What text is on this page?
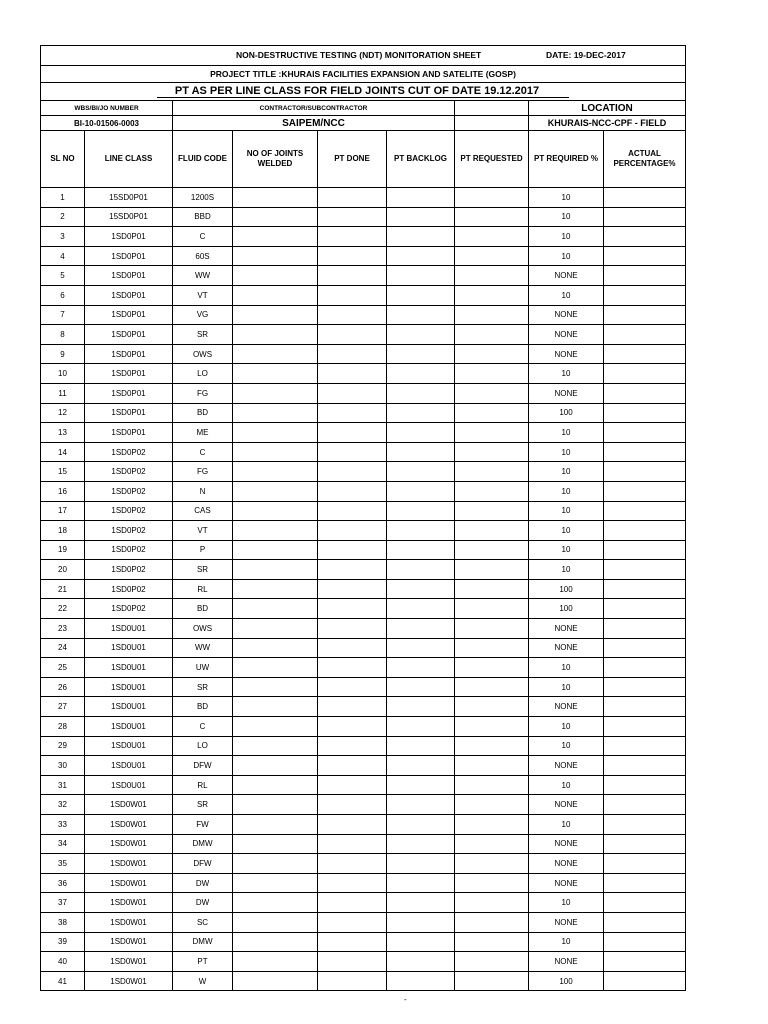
NON-DESTRUCTIVE TESTING (NDT) MONITORATION SHEET DATE: 19-DEC-2017								

PROJECT TITLE :KHURAIS FACILITIES EXPANSION AND SATELITE (GOSP)								
PT AS PER LINE CLASS FOR FIELD JOINTS CUT OF DATE 19.12.2017								
WBS/BI/JO NUMBER		CONTRACTOR/SUBCONTRACTOR					LOCATION	
BI-10-01506-0003		SAIPEM/NCC					KHURAIS-NCC-CPF - FIELD	
SL NO	LINE CLASS	FLUID CODE	NO OF JOINTS WELDED	PT DONE	PT BACKLOG	PT REQUESTED	PT REQUIRED %	ACTUAL PERCENTAGE%
1	15SD0P01	1200S					10	
2	15SD0P01	BBD					10	
3	1SD0P01	C					10	
4	1SD0P01	60S					10	
5	1SD0P01	WW					NONE	
6	1SD0P01	VT					10	
7	1SD0P01	VG					NONE	
8	1SD0P01	SR					NONE	
9	1SD0P01	OWS					NONE	
10	1SD0P01	LO					10	
11	1SD0P01	FG					NONE	
12	1SD0P01	BD					100	
13	1SD0P01	ME					10	
14	1SD0P02	C					10	
15	1SD0P02	FG					10	
16	1SD0P02	N					10	
17	1SD0P02	CAS					10	
18	1SD0P02	VT					10	
19	1SD0P02	P					10	
20	1SD0P02	SR					10	
21	1SD0P02	RL					100	
22	1SD0P02	BD					100	
23	1SD0U01	OWS					NONE	
24	1SD0U01	WW					NONE	
25	1SD0U01	UW					10	
26	1SD0U01	SR					10	
27	1SD0U01	BD					NONE	
28	1SD0U01	C					10	
29	1SD0U01	LO					10	
30	1SD0U01	DFW					NONE	
31	1SD0U01	RL					10	
32	1SD0W01	SR					NONE	
33	1SD0W01	FW					10	
34	1SD0W01	DMW					NONE	
35	1SD0W01	DFW					NONE	
36	1SD0W01	DW					NONE	
37	1SD0W01	DW					10	
38	1SD0W01	SC					NONE	
39	1SD0W01	DMW					10	
40	1SD0W01	PT					NONE	
41	1SD0W01	W					100	
-
